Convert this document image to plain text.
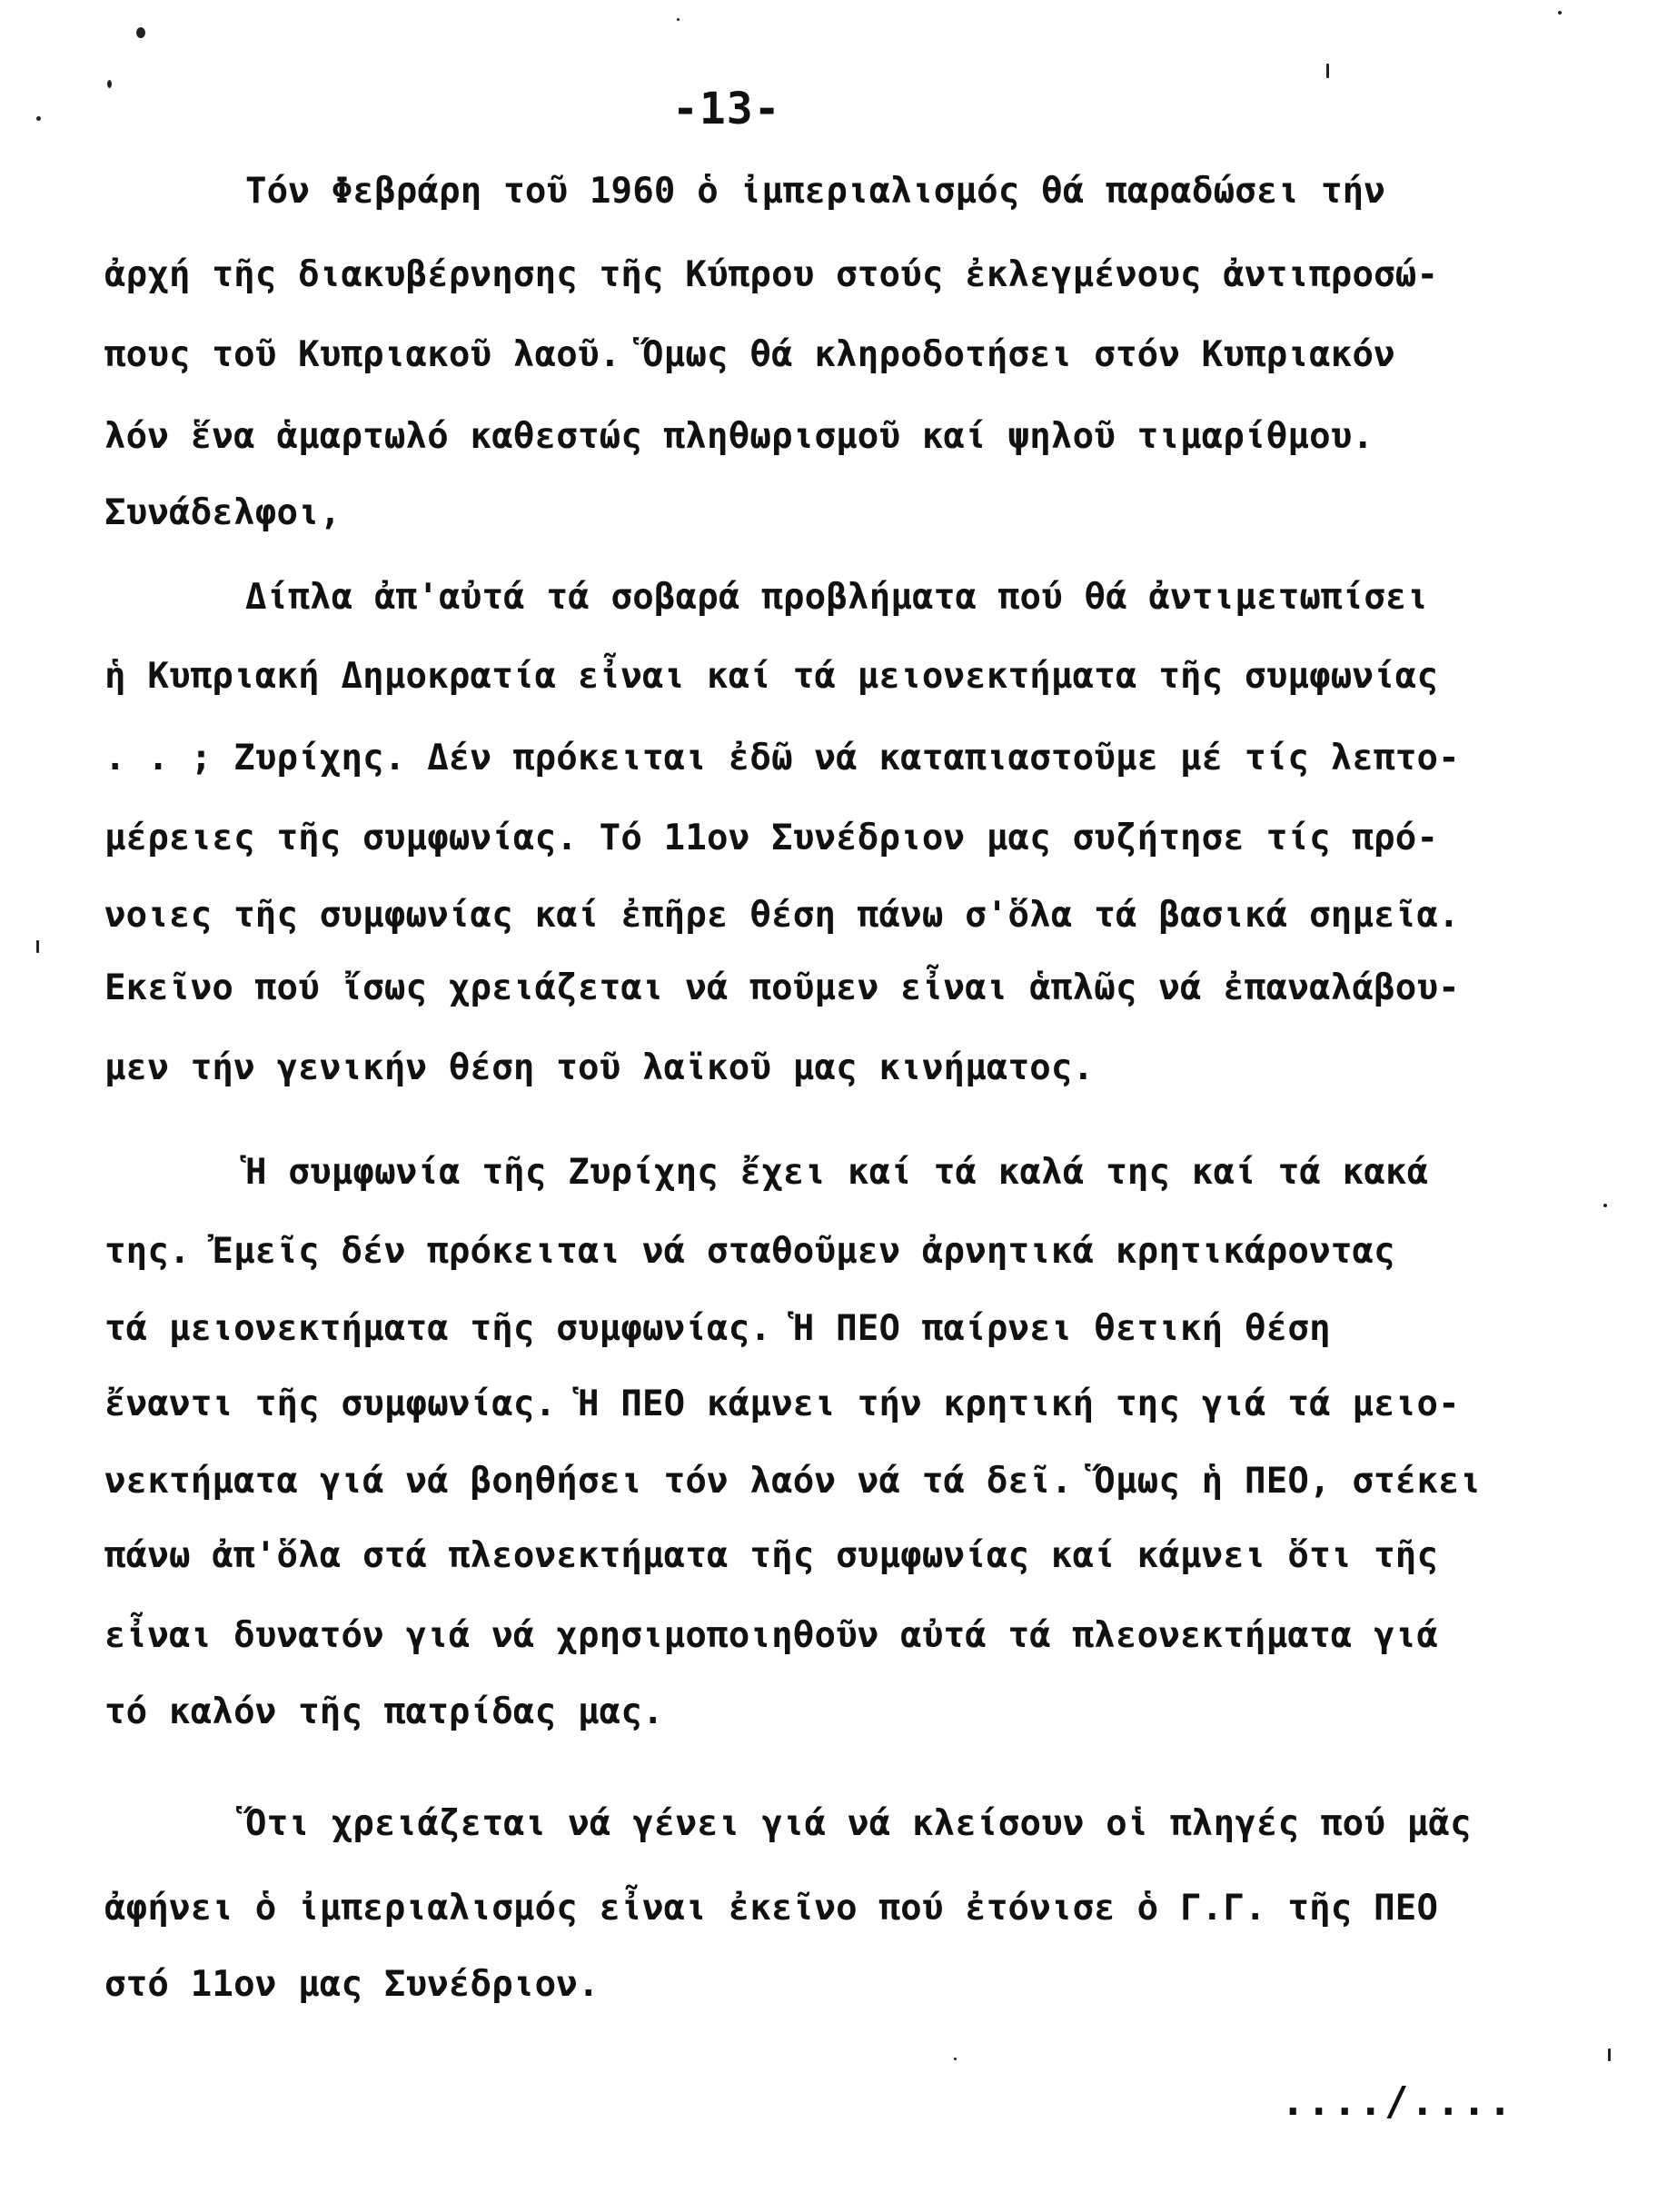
-13-
Τόν Φεβράρη τοῦ 1960 ὁ ἰμπεριαλισμός θά παραδώσει τήν
ἀρχή τῆς διακυβέρνησης τῆς Κύπρου στούς ἐκλεγμένους ἀντιπροσώ-
πους τοῦ Κυπριακοῦ λαοῦ. Ὅμως θά κληροδοτήσει στόν Κυπριακόν
λόν ἕνα ἁμαρτωλό καθεστώς πληθωρισμοῦ καί ψηλοῦ τιμαρίθμου.
Συνάδελφοι,
Δίπλα ἀπ'αὐτά τά σοβαρά προβλήματα πού θά ἀντιμετωπίσει
ἡ Κυπριακή Δημοκρατία εἶναι καί τά μειονεκτήματα τῆς συμφωνίας
. . ; Ζυρίχης. Δέν πρόκειται ἐδῶ νά καταπιαστοῦμε μέ τίς λεπτο-
μέρειες τῆς συμφωνίας. Τό 11ον Συνέδριον μας συζήτησε τίς πρό-
νοιες τῆς συμφωνίας καί ἐπῆρε θέση πάνω σ'ὅλα τά βασικά σημεῖα.
Εκεῖνο πού ἴσως χρειάζεται νά ποῦμεν εἶναι ἁπλῶς νά ἐπαναλάβου-
μεν τήν γενικήν θέση τοῦ λαϊκοῦ μας κινήματος.
Ἡ συμφωνία τῆς Ζυρίχης ἔχει καί τά καλά της καί τά κακά
της. Ἐμεῖς δέν πρόκειται νά σταθοῦμεν ἀρνητικά κρητικάροντας
τά μειονεκτήματα τῆς συμφωνίας. Ἡ ΠΕΟ παίρνει θετική θέση
ἔναντι τῆς συμφωνίας. Ἡ ΠΕΟ κάμνει τήν κρητική της γιά τά μειο-
νεκτήματα γιά νά βοηθήσει τόν λαόν νά τά δεῖ. Ὅμως ἡ ΠΕΟ, στέκει
πάνω ἀπ'ὅλα στά πλεονεκτήματα τῆς συμφωνίας καί κάμνει ὅτι τῆς
εἶναι δυνατόν γιά νά χρησιμοποιηθοῦν αὐτά τά πλεονεκτήματα γιά
τό καλόν τῆς πατρίδας μας.
Ὅτι χρειάζεται νά γένει γιά νά κλείσουν οἱ πληγές πού μᾶς
ἀφήνει ὁ ἰμπεριαλισμός εἶναι ἐκεῖνο πού ἐτόνισε ὁ Γ.Γ. τῆς ΠΕΟ
στό 11ον μας Συνέδριον.
..../....
